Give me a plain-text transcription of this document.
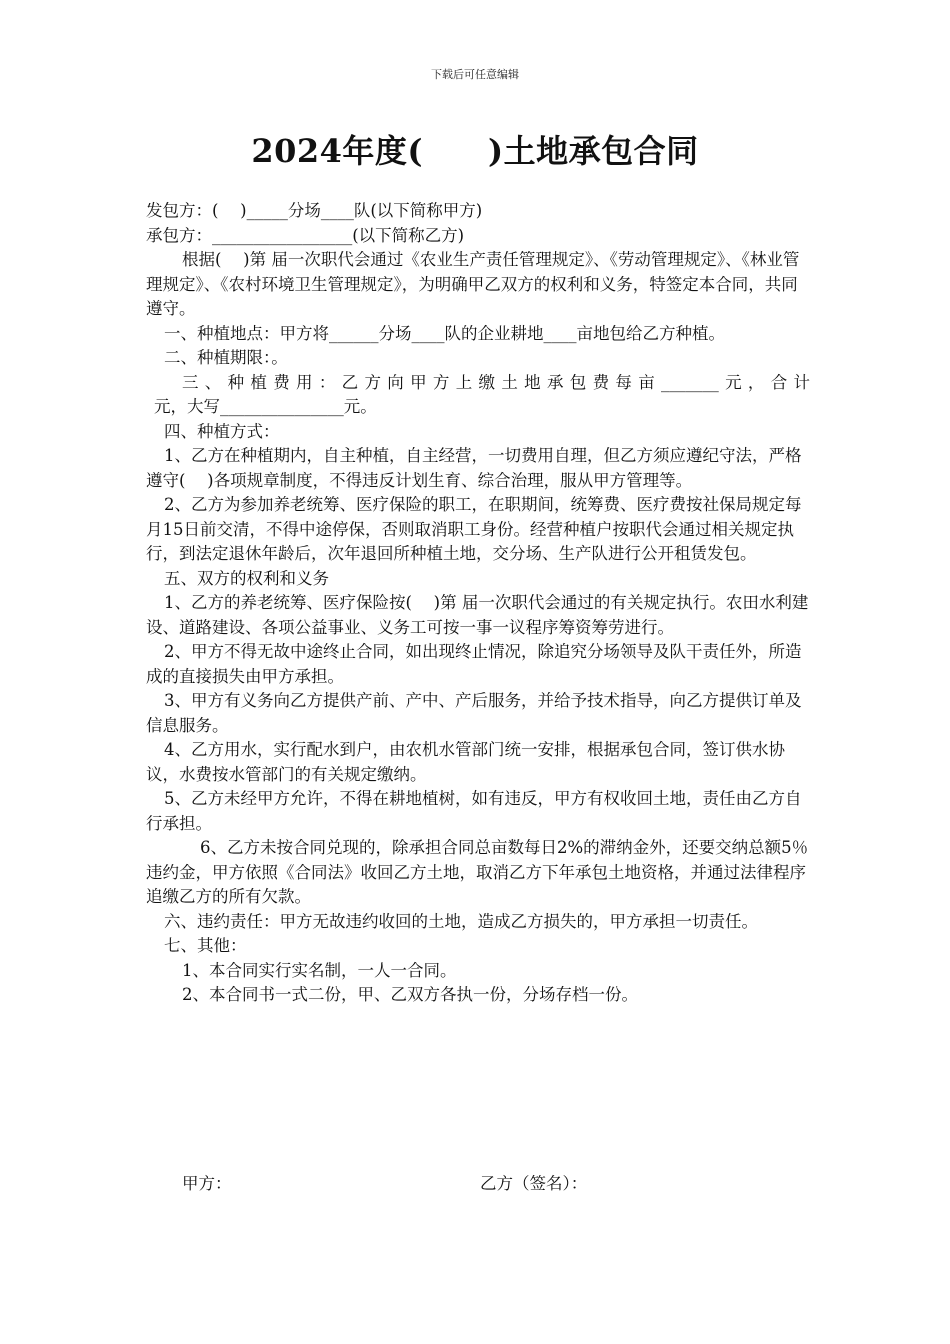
下载后可任意编辑
2024年度(　　)土地承包合同

发包方：(　 )_____分场____队(以下简称甲方)

承包方：_________________(以下简称乙方)

根据(　 )第 届一次职代会通过《农业生产责任管理规定》、《劳动管理规定》、《林业管理规定》、《农村环境卫生管理规定》，为明确甲乙双方的权利和义务，特签定本合同，共同

遵守。

一、种植地点：甲方将______分场____队的企业耕地____亩地包给乙方种植。

二、种植期限：。

三、种植费用：乙方向甲方上缴土地承包费每亩_______元，合计

元，大写_______________元。

四、种植方式：

1、乙方在种植期内，自主种植，自主经营，一切费用自理，但乙方须应遵纪守法，严格遵守(　 )各项规章制度，不得违反计划生育、综合治理，服从甲方管理等。

2、乙方为参加养老统筹、医疗保险的职工，在职期间，统筹费、医疗费按社保局规定每月15日前交清，不得中途停保，否则取消职工身份。经营种植户按职代会通过相关规定执行，到法定退休年龄后，次年退回所种植土地，交分场、生产队进行公开租赁发包。

五、双方的权利和义务

1、乙方的养老统筹、医疗保险按(　 )第 届一次职代会通过的有关规定执行。农田水利建设、道路建设、各项公益事业、义务工可按一事一议程序筹资筹劳进行。

2、甲方不得无故中途终止合同，如出现终止情况，除追究分场领导及队干责任外，所造成的直接损失由甲方承担。

3、甲方有义务向乙方提供产前、产中、产后服务，并给予技术指导，向乙方提供订单及信息服务。

4、乙方用水，实行配水到户，由农机水管部门统一安排，根据承包合同，签订供水协议，水费按水管部门的有关规定缴纳。

5、乙方未经甲方允许，不得在耕地植树，如有违反，甲方有权收回土地，责任由乙方自行承担。

6、乙方未按合同兑现的，除承担合同总亩数每日2%的滞纳金外，还要交纳总额5％违约金，甲方依照《合同法》收回乙方土地，取消乙方下年承包土地资格，并通过法律程序追缴乙方的所有欠款。

六、违约责任：甲方无故违约收回的土地，造成乙方损失的，甲方承担一切责任。

七、其他：

1、本合同实行实名制，一人一合同。

2、本合同书一式二份，甲、乙双方各执一份，分场存档一份。

甲方：	乙方（签名）：
